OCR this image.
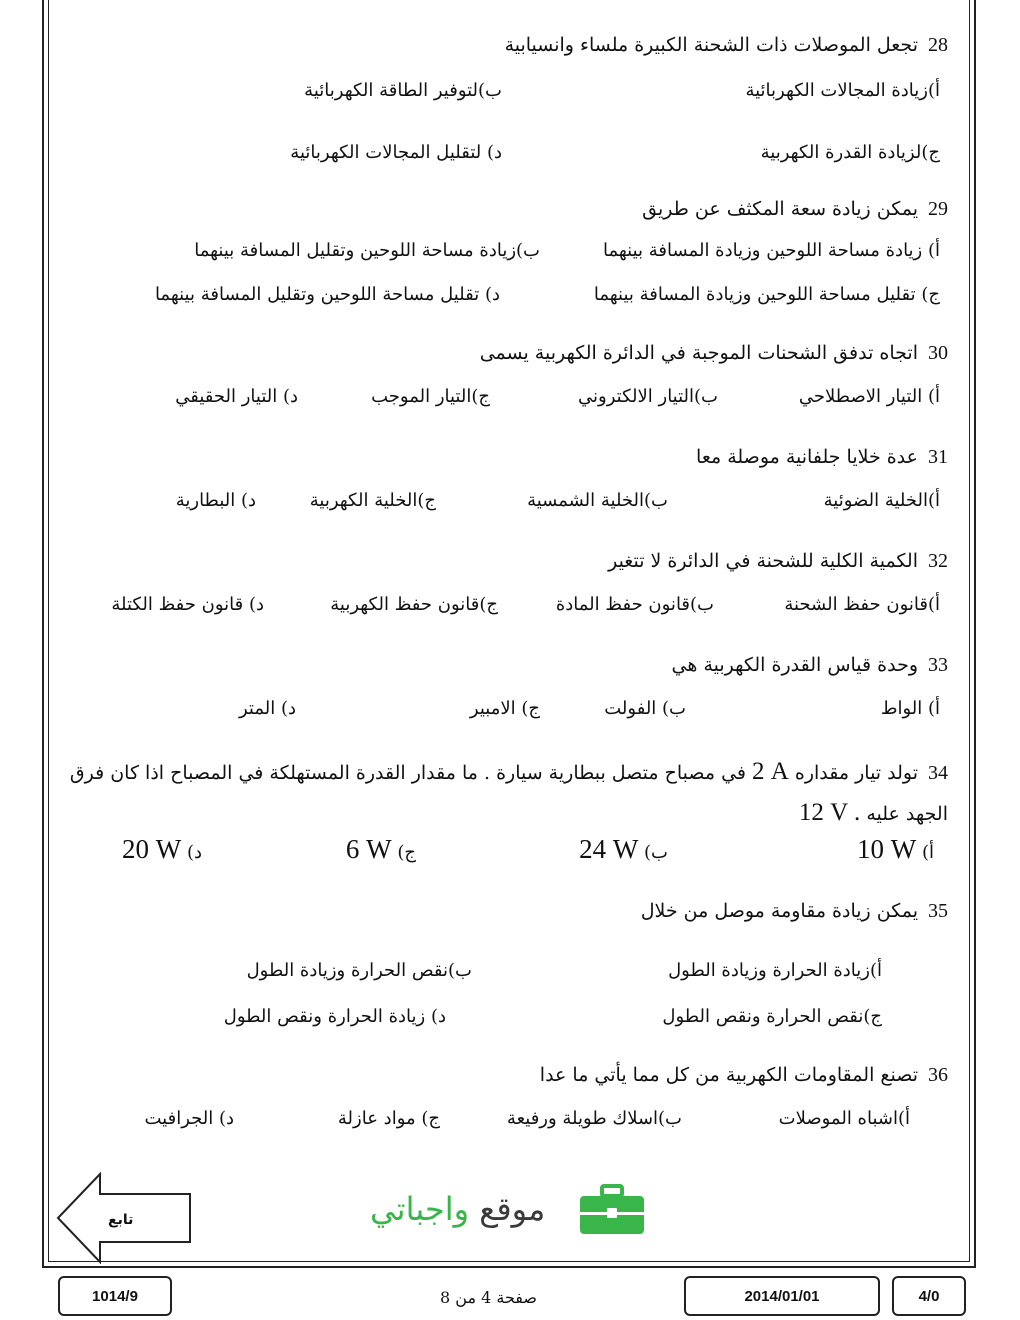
28تجعل الموصلات ذات الشحنة الكبيرة ملساء وانسيابية
أ)زيادة المجالات الكهربائية
ب)لتوفير الطاقة الكهربائية
ج)لزيادة القدرة الكهربية
د) لتقليل المجالات الكهربائية
29يمكن زيادة سعة المكثف عن طريق
أ) زيادة مساحة اللوحين وزيادة المسافة بينهما
ب)زيادة مساحة اللوحين وتقليل المسافة بينهما
ج) تقليل مساحة اللوحين وزيادة المسافة بينهما
د) تقليل مساحة اللوحين وتقليل المسافة بينهما
30اتجاه تدفق الشحنات الموجبة في الدائرة الكهربية يسمى
أ) التيار الاصطلاحي
ب)التيار الالكتروني
ج)التيار الموجب
د) التيار الحقيقي
31عدة خلايا جلفانية موصلة معا
أ)الخلية الضوئية
ب)الخلية الشمسية
ج)الخلية الكهربية
د) البطارية
32الكمية الكلية للشحنة في الدائرة لا تتغير
أ)قانون حفظ الشحنة
ب)قانون حفظ المادة
ج)قانون حفظ الكهربية
د) قانون حفظ الكتلة
33وحدة قياس القدرة الكهربية هي
أ) الواط
ب) الفولت
ج) الامبير
د) المتر
34تولد تيار مقداره 2 A في مصباح متصل ببطارية سيارة . ما مقدار القدرة المستهلكة في المصباح اذا كان فرق الجهد عليه 12 V .
أ) 10 W
ب) 24 W
ج) 6 W
د) 20 W
35يمكن زيادة مقاومة موصل من خلال
أ)زيادة الحرارة وزيادة الطول
ب)نقص الحرارة وزيادة الطول
ج)نقص الحرارة ونقص الطول
د) زيادة الحرارة ونقص الطول
36تصنع المقاومات الكهربية من كل مما يأتي ما عدا
أ)اشباه الموصلات
ب)اسلاك طويلة ورفيعة
ج) مواد عازلة
د) الجرافيت
موقع واجباتي
تابع
1014/9	صفحة 4 من 8	2014/01/01	4/0
